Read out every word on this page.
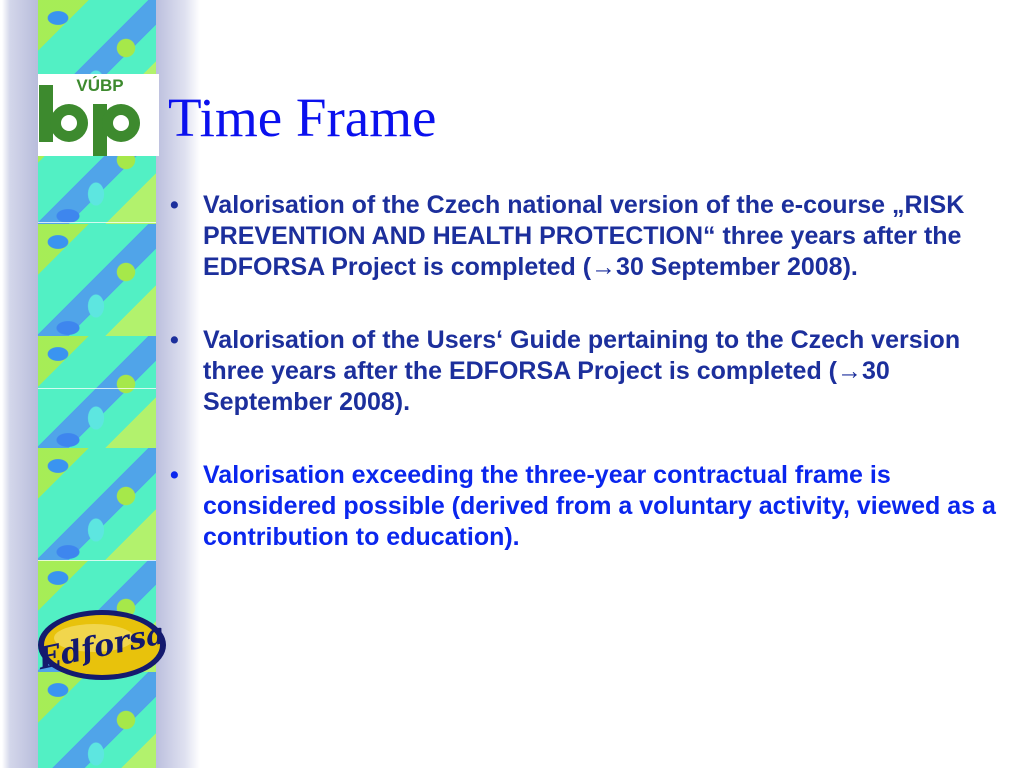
VÚBP
Edforsa
Time Frame
• Valorisation of the Czech national version of the e-course „RISK PREVENTION AND HEALTH PROTECTION“ three years after the EDFORSA Project is completed (→30 September 2008).
• Valorisation of the Users‘ Guide pertaining to the Czech version three years after the EDFORSA Project is completed (→30 September 2008).
• Valorisation exceeding the three-year contractual frame is considered possible (derived from a voluntary activity, viewed as a contribution to education).
